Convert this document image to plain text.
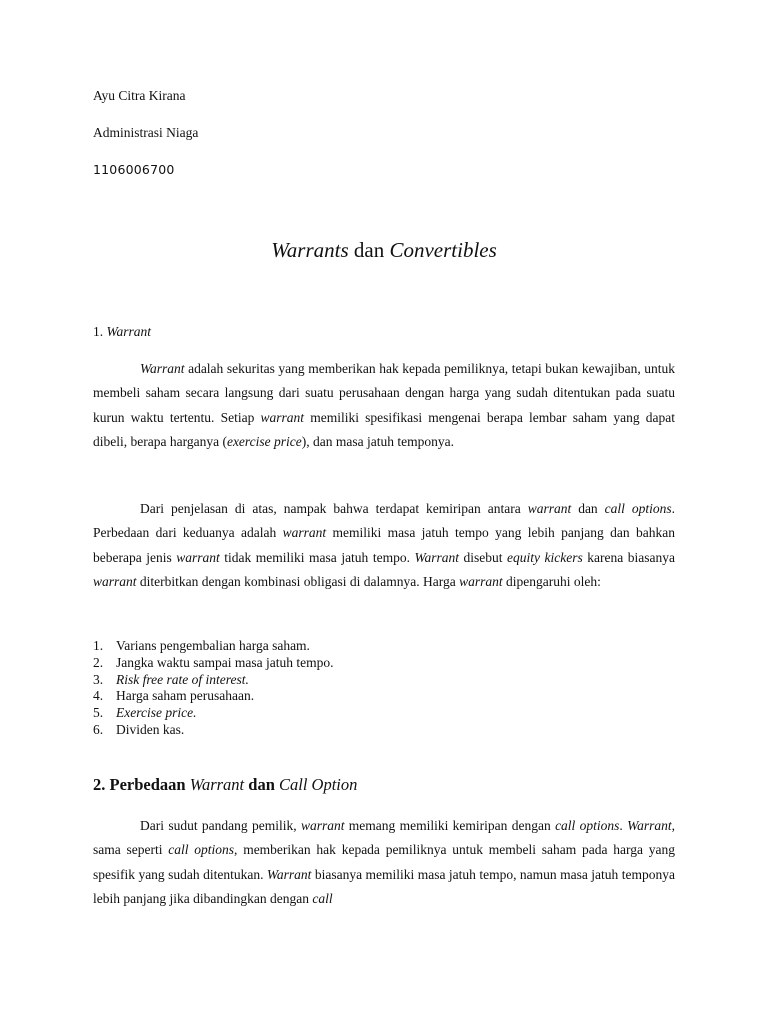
Ayu Citra Kirana
Administrasi Niaga
1106006700
Warrants dan Convertibles
1. Warrant

Warrant adalah sekuritas yang memberikan hak kepada pemiliknya, tetapi bukan kewajiban, untuk membeli saham secara langsung dari suatu perusahaan dengan harga yang sudah ditentukan pada suatu kurun waktu tertentu. Setiap warrant memiliki spesifikasi mengenai berapa lembar saham yang dapat dibeli, berapa harganya (exercise price), dan masa jatuh temponya.

Dari penjelasan di atas, nampak bahwa terdapat kemiripan antara warrant dan call options. Perbedaan dari keduanya adalah warrant memiliki masa jatuh tempo yang lebih panjang dan bahkan beberapa jenis warrant tidak memiliki masa jatuh tempo. Warrant disebut equity kickers karena biasanya warrant diterbitkan dengan kombinasi obligasi di dalamnya. Harga warrant dipengaruhi oleh:

1. Varians pengembalian harga saham.
2. Jangka waktu sampai masa jatuh tempo.
3. Risk free rate of interest.
4. Harga saham perusahaan.
5. Exercise price.
6. Dividen kas.
2. Perbedaan Warrant dan Call Option

Dari sudut pandang pemilik, warrant memang memiliki kemiripan dengan call options. Warrant, sama seperti call options, memberikan hak kepada pemiliknya untuk membeli saham pada harga yang spesifik yang sudah ditentukan. Warrant biasanya memiliki masa jatuh tempo, namun masa jatuh temponya lebih panjang jika dibandingkan dengan call
